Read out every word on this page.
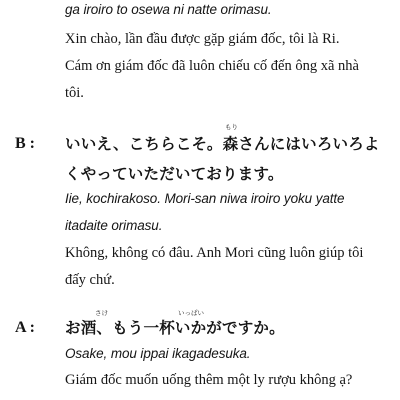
ga iroiro to osewa ni natte orimasu.
Xin chào, lần đầu được gặp giám đốc, tôi là Ri.
Cám ơn giám đốc đã luôn chiếu cố đến ông xã nhà
tôi.
B :
もり
いいえ、こちらこそ。森さんにはいろいろよ
くやっていただいております。
Iie, kochirakoso. Mori-san niwa iroiro yoku yatte
itadaite orimasu.
Không, không có đâu. Anh Mori cũng luôn giúp tôi
đấy chứ.
A :
さけ	いっぱい
お酒、もう一杯いかがですか。
Osake, mou ippai ikagadesuka.
Giám đốc muốn uống thêm một ly rượu không ạ?
